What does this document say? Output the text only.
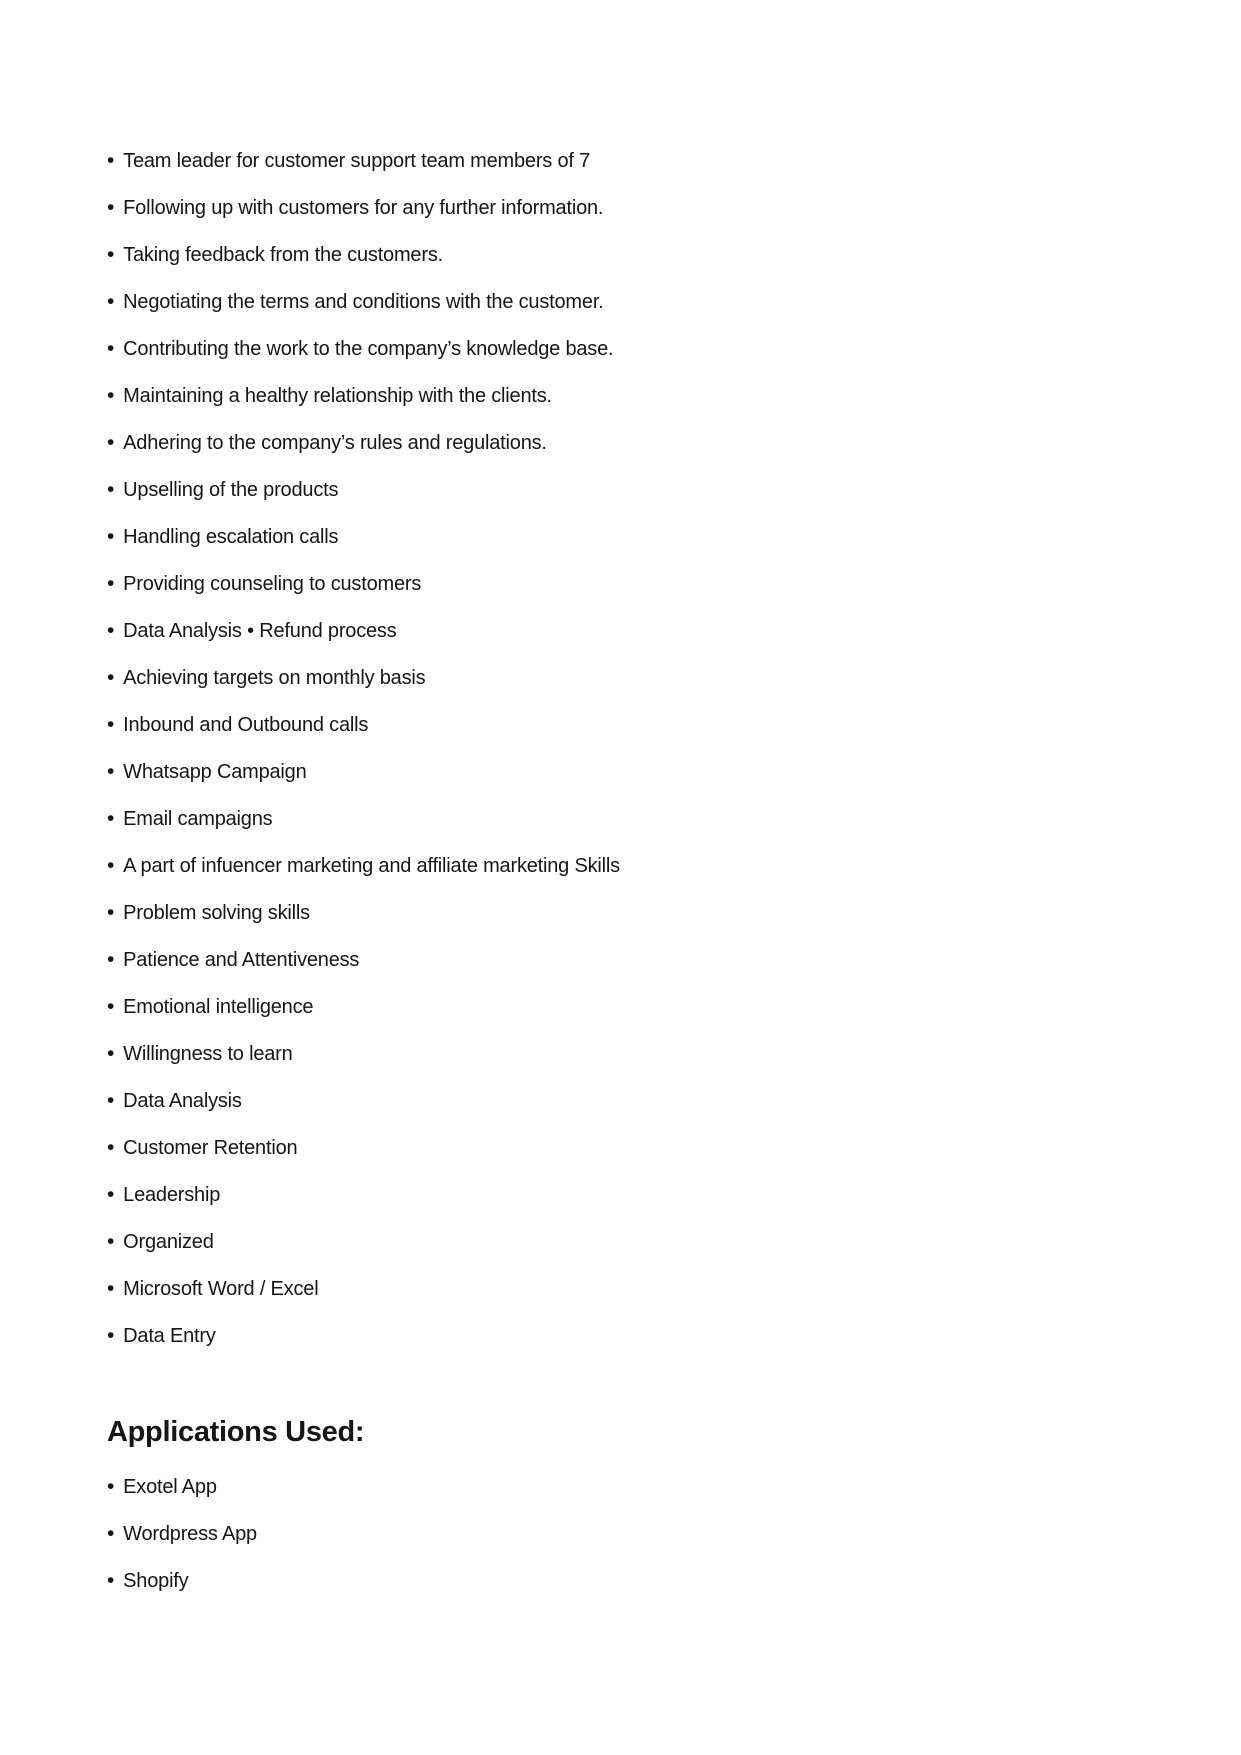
• Team leader for customer support team members of 7
• Following up with customers for any further information.
• Taking feedback from the customers.
• Negotiating the terms and conditions with the customer.
• Contributing the work to the company’s knowledge base.
• Maintaining a healthy relationship with the clients.
• Adhering to the company’s rules and regulations.
• Upselling of the products
• Handling escalation calls
• Providing counseling to customers
• Data Analysis • Refund process
• Achieving targets on monthly basis
• Inbound and Outbound calls
• Whatsapp Campaign
• Email campaigns
• A part of infuencer marketing and affiliate marketing Skills
• Problem solving skills
• Patience and Attentiveness
• Emotional intelligence
• Willingness to learn
• Data Analysis
• Customer Retention
• Leadership
• Organized
• Microsoft Word / Excel
• Data Entry
Applications Used:
• Exotel App
• Wordpress App
• Shopify
